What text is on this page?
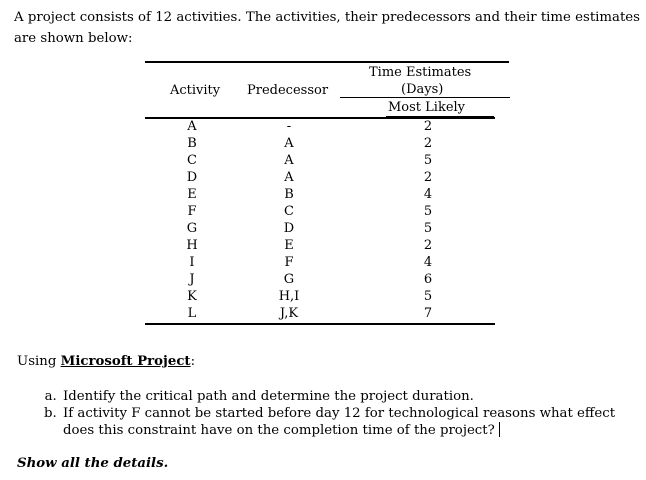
A project consists of 12 activities. The activities, their predecessors and their time estimates are shown below:

Activity Predecessor
Time Estimates
(Days)
Most Likely
A	-	2
B	A	2
C	A	5
D	A	2
E	B	4
F	C	5
G	D	5
H	E	2
I	F	4
J	G	6
K	H,I	5
L	J,K	7

Using Microsoft Project:

a. Identify the critical path and determine the project duration.
b. If activity F cannot be started before day 12 for technological reasons what effect does this constraint have on the completion time of the project?

Show all the details.
